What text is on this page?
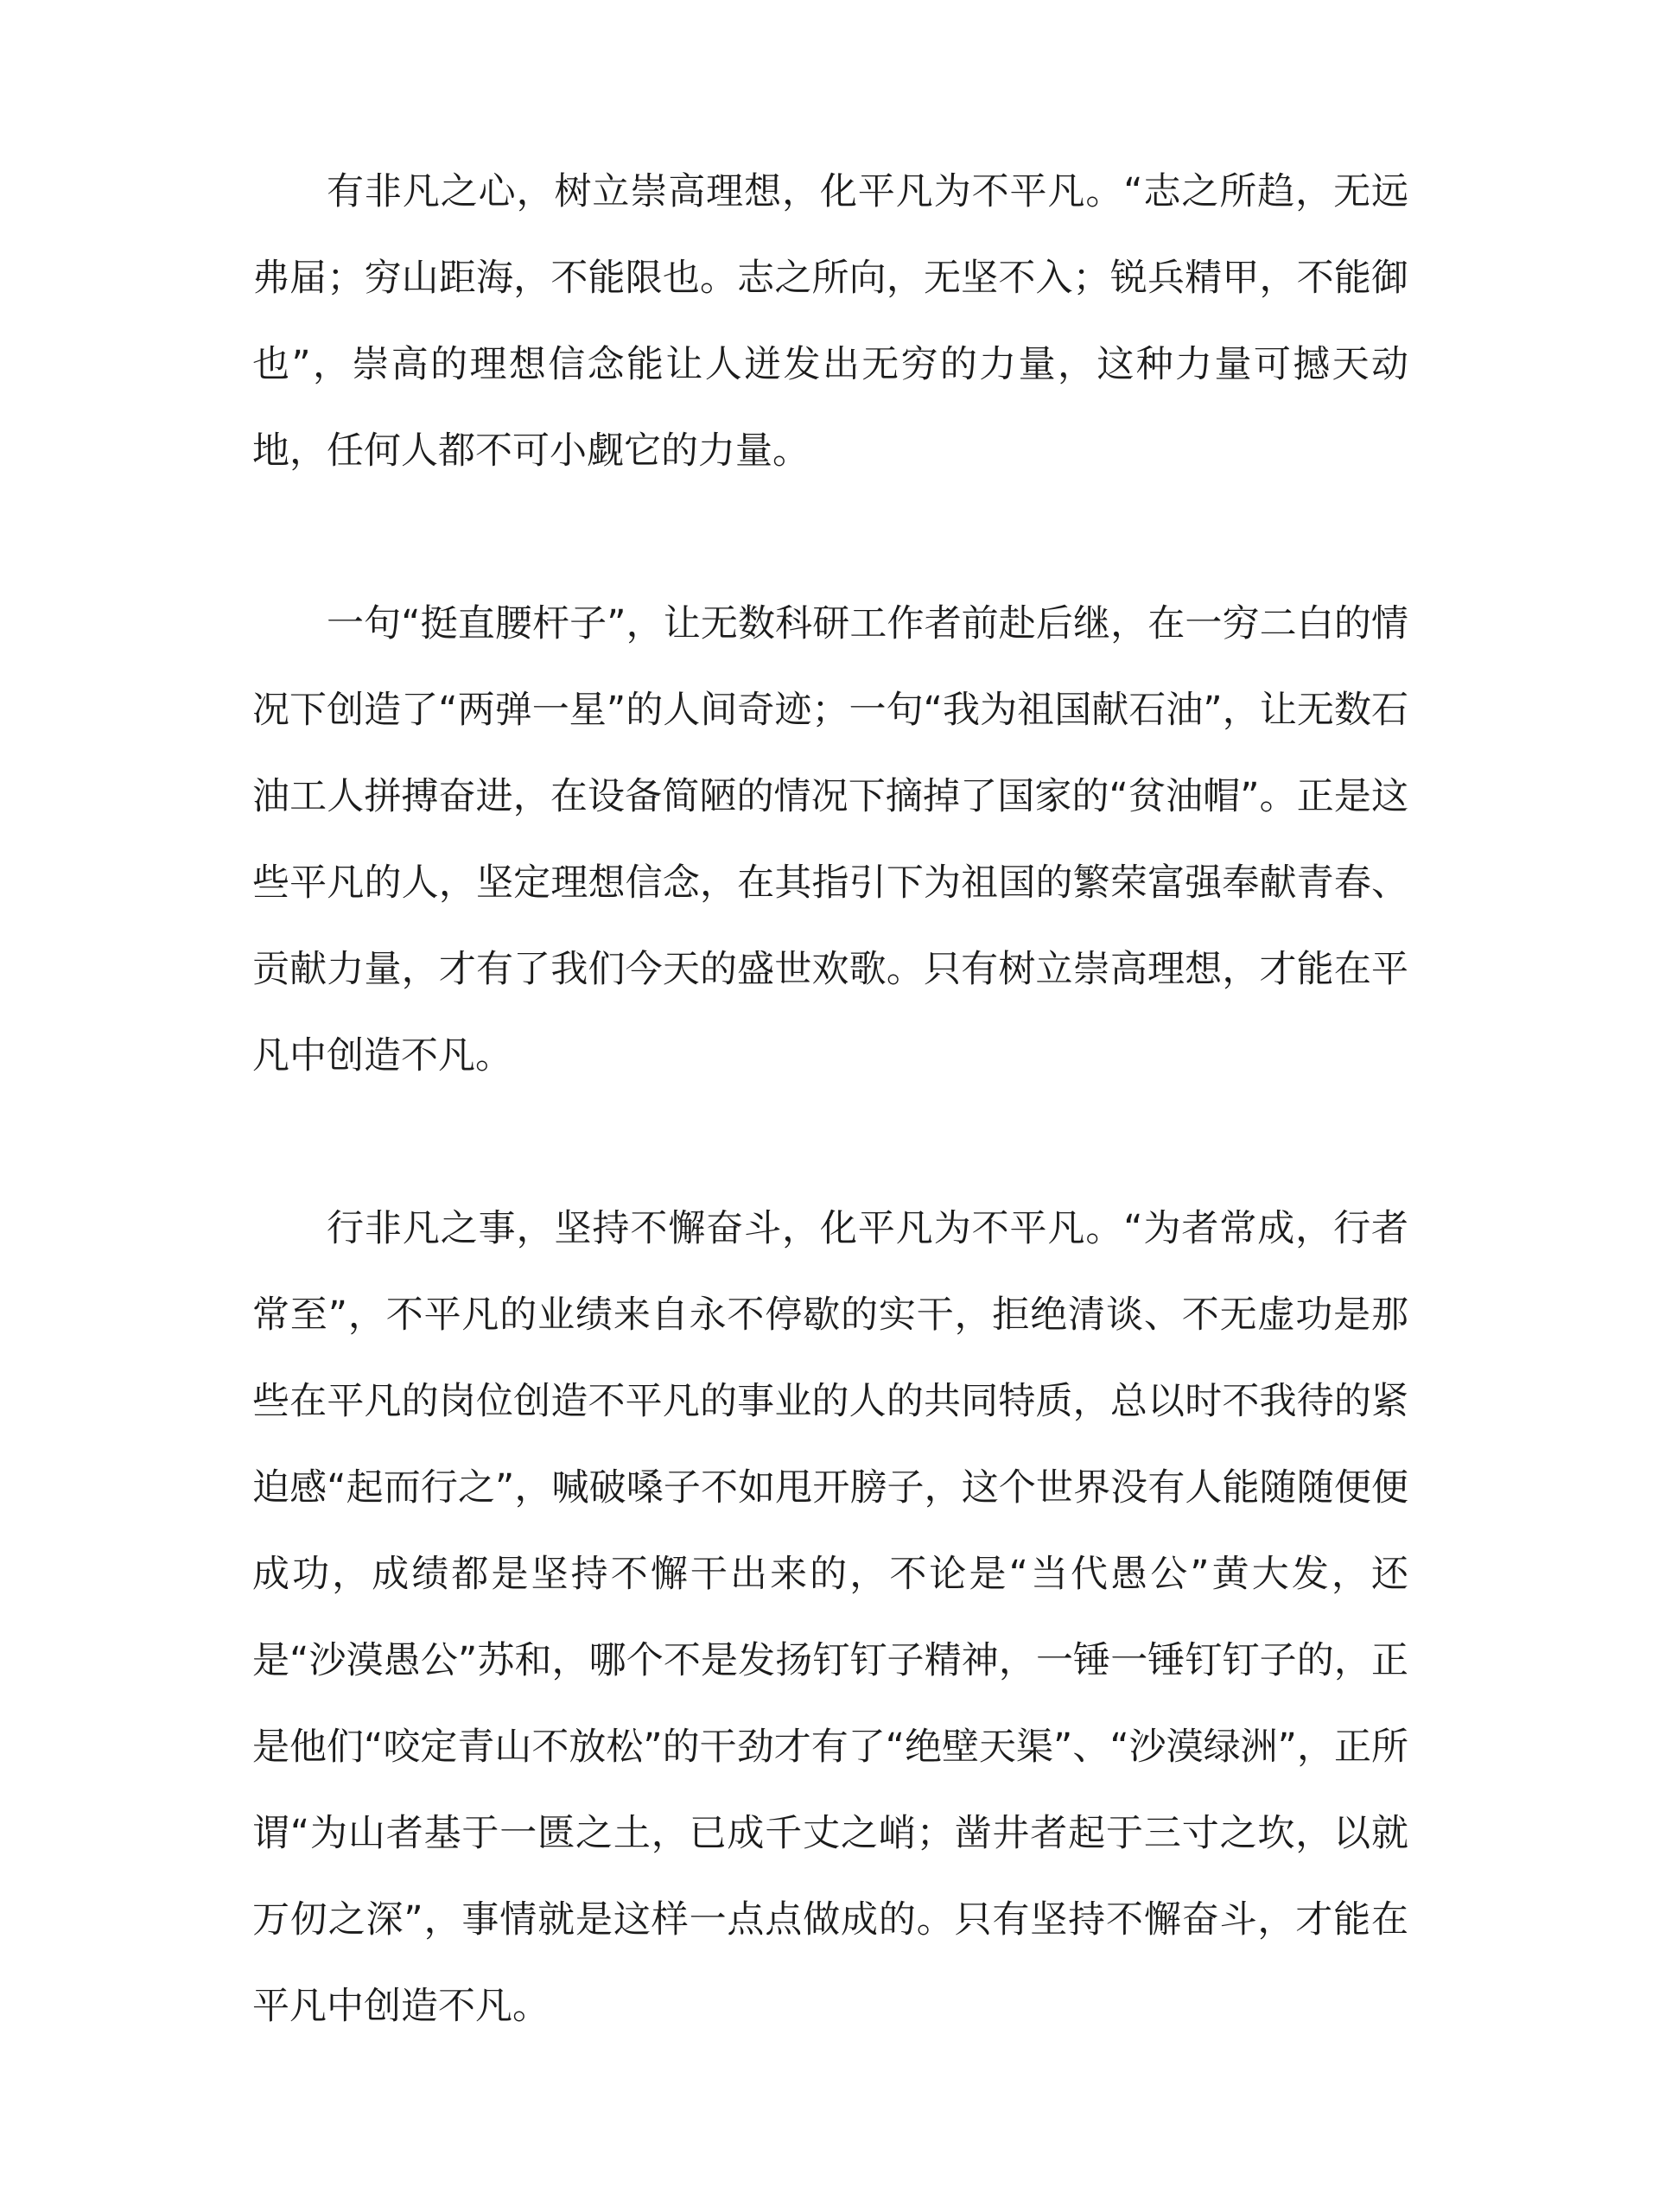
有非凡之心，树立崇高理想，化平凡为不平凡。“志之所趋，无远弗届；穷山距海，不能限也。志之所向，无坚不入；锐兵精甲，不能御也”，崇高的理想信念能让人迸发出无穷的力量，这种力量可撼天动地，任何人都不可小觑它的力量。

一句“挺直腰杆子”，让无数科研工作者前赴后继，在一穷二白的情况下创造了“两弹一星”的人间奇迹；一句“我为祖国献石油”，让无数石油工人拼搏奋进，在设备简陋的情况下摘掉了国家的“贫油帽”。正是这些平凡的人，坚定理想信念，在其指引下为祖国的繁荣富强奉献青春、贡献力量，才有了我们今天的盛世欢歌。只有树立崇高理想，才能在平凡中创造不凡。

行非凡之事，坚持不懈奋斗，化平凡为不平凡。“为者常成，行者常至”，不平凡的业绩来自永不停歇的实干，拒绝清谈、不无虚功是那些在平凡的岗位创造不平凡的事业的人的共同特质，总以时不我待的紧迫感“起而行之”，喊破嗓子不如甩开膀子，这个世界没有人能随随便便成功，成绩都是坚持不懈干出来的，不论是“当代愚公”黄大发，还是“沙漠愚公”苏和，哪个不是发扬钉钉子精神，一锤一锤钉钉子的，正是他们“咬定青山不放松”的干劲才有了“绝壁天渠”、“沙漠绿洲”，正所谓“为山者基于一匮之土，已成千丈之峭；凿井者起于三寸之坎，以就万仞之深”，事情就是这样一点点做成的。只有坚持不懈奋斗，才能在平凡中创造不凡。
